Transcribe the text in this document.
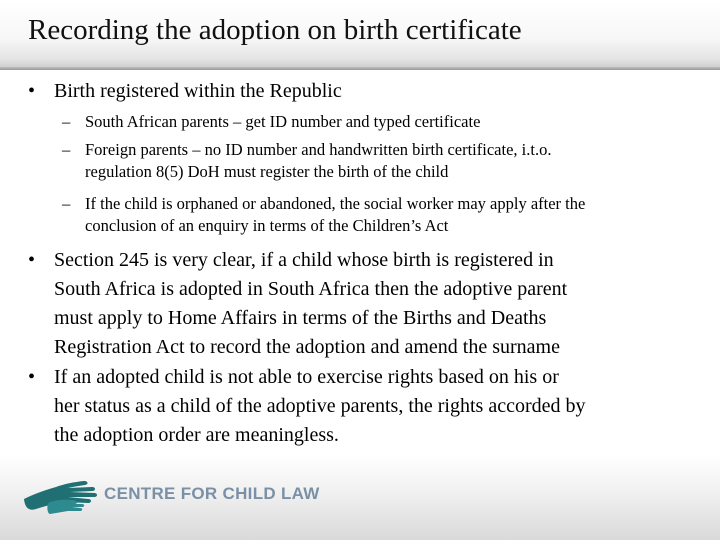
Recording the adoption on birth certificate
• Birth registered within the Republic
– South African parents – get ID number and typed certificate
– Foreign parents – no ID number and handwritten birth certificate, i.t.o.
regulation 8(5) DoH must register the birth of the child
– If the child is orphaned or abandoned, the social worker may apply after the
conclusion of an enquiry in terms of the Children’s Act
• Section 245 is very clear, if a child whose birth is registered in
South Africa is adopted in South Africa then the adoptive parent
must apply to Home Affairs in terms of the Births and Deaths
Registration Act to record the adoption and amend the surname
• If an adopted child is not able to exercise rights based on his or
her status as a child of the adoptive parents, the rights accorded by
the adoption order are meaningless.
CENTRE FOR CHILD LAW
